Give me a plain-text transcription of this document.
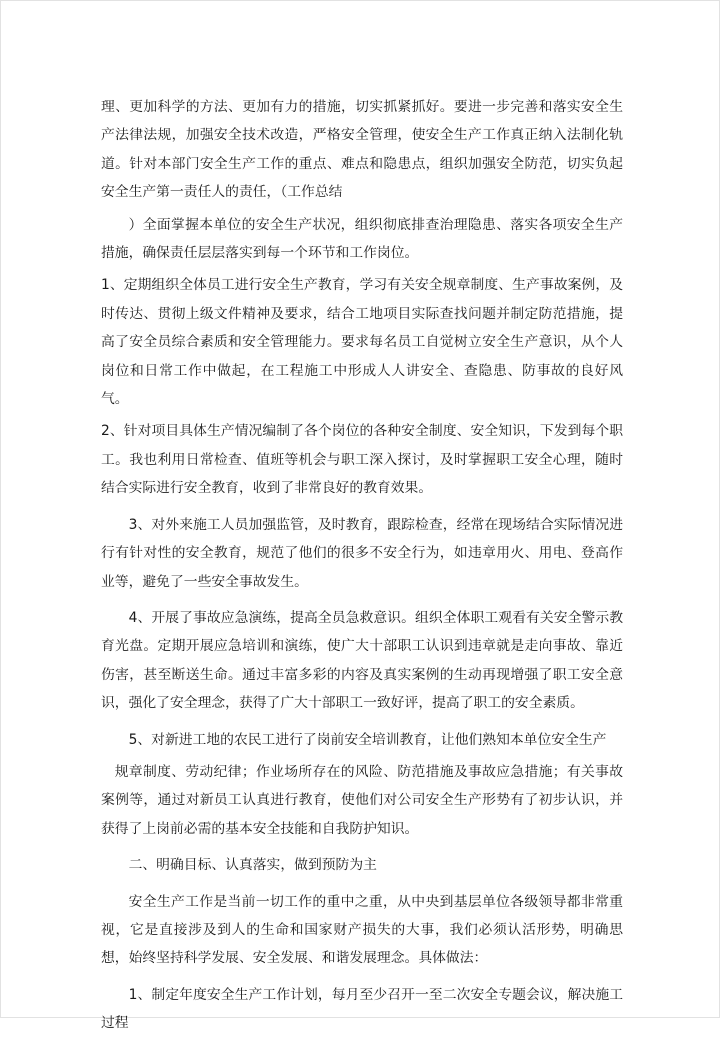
理、更加科学的方法、更加有力的措施，切实抓紧抓好。要进一步完善和落实安全生产法律法规，加强安全技术改造，严格安全管理，使安全生产工作真正纳入法制化轨道。针对本部门安全生产工作的重点、难点和隐患点，组织加强安全防范，切实负起安全生产第一责任人的责任，（工作总结

）全面掌握本单位的安全生产状况，组织彻底排查治理隐患、落实各项安全生产措施，确保责任层层落实到每一个环节和工作岗位。

1、定期组织全体员工进行安全生产教育，学习有关安全规章制度、生产事故案例，及时传达、贯彻上级文件精神及要求，结合工地项目实际查找问题并制定防范措施，提高了安全员综合素质和安全管理能力。要求每名员工自觉树立安全生产意识，从个人岗位和日常工作中做起，在工程施工中形成人人讲安全、查隐患、防事故的良好风气。

2、针对项目具体生产情况编制了各个岗位的各种安全制度、安全知识，下发到每个职工。我也利用日常检查、值班等机会与职工深入探讨，及时掌握职工安全心理，随时结合实际进行安全教育，收到了非常良好的教育效果。

3、对外来施工人员加强监管，及时教育，跟踪检查，经常在现场结合实际情况进行有针对性的安全教育，规范了他们的很多不安全行为，如违章用火、用电、登高作业等，避免了一些安全事故发生。

4、开展了事故应急演练，提高全员急救意识。组织全体职工观看有关安全警示教育光盘。定期开展应急培训和演练，使广大十部职工认识到违章就是走向事故、靠近伤害，甚至断送生命。通过丰富多彩的内容及真实案例的生动再现增强了职工安全意识，强化了安全理念，获得了广大十部职工一致好评，提高了职工的安全素质。

5、对新进工地的农民工进行了岗前安全培训教育，让他们熟知本单位安全生产

规章制度、劳动纪律；作业场所存在的风险、防范措施及事故应急措施；有关事故案例等，通过对新员工认真进行教育，使他们对公司安全生产形势有了初步认识，并获得了上岗前必需的基本安全技能和自我防护知识。

二、明确目标、认真落实，做到预防为主

安全生产工作是当前一切工作的重中之重，从中央到基层单位各级领导都非常重视，它是直接涉及到人的生命和国家财产损失的大事，我们必须认活形势，明确思想，始终坚持科学发展、安全发展、和谐发展理念。具体做法：

1、制定年度安全生产工作计划，每月至少召开一至二次安全专题会议，解决施工过程
